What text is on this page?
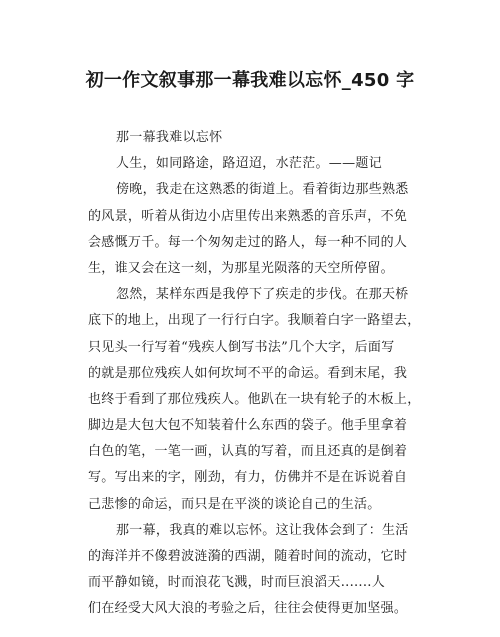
初一作文叙事那一幕我难以忘怀_450 字
那一幕我难以忘怀
人生，如同路途，路迢迢，水茫茫。——题记
傍晚，我走在这熟悉的街道上。看着街边那些熟悉
的风景，听着从街边小店里传出来熟悉的音乐声，不免
会感慨万千。每一个匆匆走过的路人，每一种不同的人
生，谁又会在这一刻，为那星光陨落的天空所停留。
忽然，某样东西是我停下了疾走的步伐。在那天桥
底下的地上，出现了一行行白字。我顺着白字一路望去，
只见头一行写着“残疾人倒写书法”几个大字，后面写
的就是那位残疾人如何坎坷不平的命运。看到末尾，我
也终于看到了那位残疾人。他趴在一块有轮子的木板上，
脚边是大包大包不知装着什么东西的袋子。他手里拿着
白色的笔，一笔一画，认真的写着，而且还真的是倒着
写。写出来的字，刚劲，有力，仿佛并不是在诉说着自
己悲惨的命运，而只是在平淡的谈论自己的生活。
那一幕，我真的难以忘怀。这让我体会到了：生活
的海洋并不像碧波涟漪的西湖，随着时间的流动，它时
而平静如镜，时而浪花飞溅，时而巨浪滔天.......人
们在经受大风大浪的考验之后，往往会使得更加坚强。
